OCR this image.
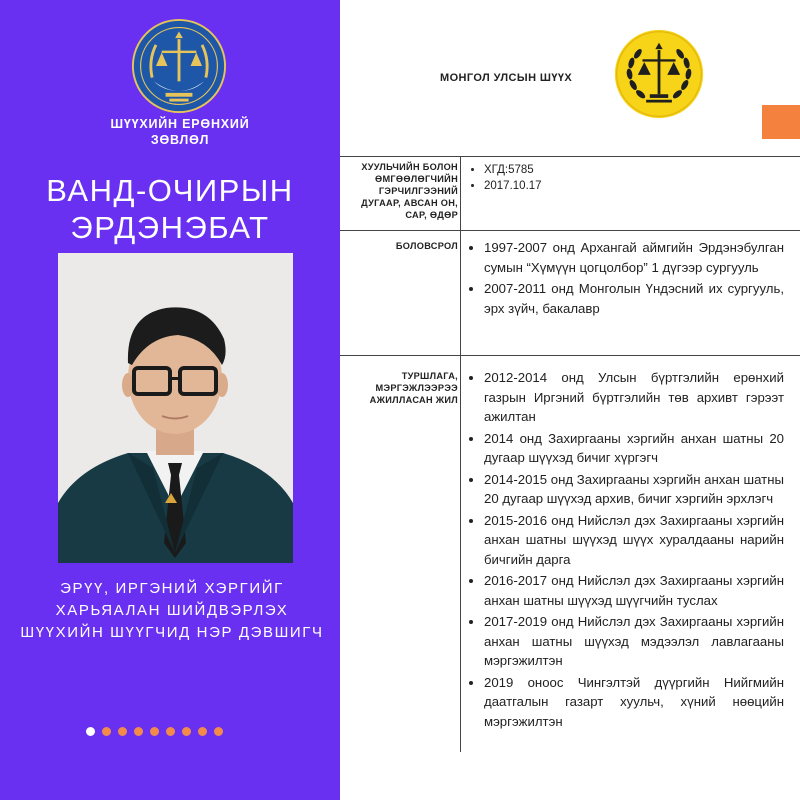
ШҮҮХИЙН ЕРӨНХИЙ ЗӨВЛӨЛ
ВАНД-ОЧИРЫН ЭРДЭНЭБАТ
ЭРҮҮ, ИРГЭНИЙ ХЭРГИЙГ ХАРЬЯАЛАН ШИЙДВЭРЛЭХ ШҮҮХИЙН ШҮҮГЧИД НЭР ДЭВШИГЧ
МОНГОЛ УЛСЫН ШҮҮХ
ХУУЛЬЧИЙН БОЛОН ӨМГӨӨЛӨГЧИЙН ГЭРЧИЛГЭЭНИЙ ДУГААР, АВСАН ОН, САР, ӨДӨР
• ХГД:5785
• 2017.10.17
БОЛОВСРОЛ
• 1997-2007 онд Архангай аймгийн Эрдэнэбулган сумын “Хүмүүн цогцолбор” 1 дүгээр сургууль
• 2007-2011 онд Монголын Үндэсний их сургууль, эрх зүйч, бакалавр
ТУРШЛАГА, МЭРГЭЖЛЭЭРЭЭ АЖИЛЛАСАН ЖИЛ
• 2012-2014 онд Улсын бүртгэлийн ерөнхий газрын Иргэний бүртгэлийн төв архивт гэрээт ажилтан
• 2014 онд Захиргааны хэргийн анхан шатны 20 дугаар шүүхэд бичиг хүргэгч
• 2014-2015 онд Захиргааны хэргийн анхан шатны 20 дугаар шүүхэд архив, бичиг хэргийн эрхлэгч
• 2015-2016 онд Нийслэл дэх Захиргааны хэргийн анхан шатны шүүхэд шүүх хуралдааны нарийн бичгийн дарга
• 2016-2017 онд Нийслэл дэх Захиргааны хэргийн анхан шатны шүүхэд шүүгчийн туслах
• 2017-2019 онд Нийслэл дэх Захиргааны хэргийн анхан шатны шүүхэд мэдээлэл лавлагааны мэргэжилтэн
• 2019 оноос Чингэлтэй дүүргийн Нийгмийн даатгалын газарт хуульч, хүний нөөцийн мэргэжилтэн
